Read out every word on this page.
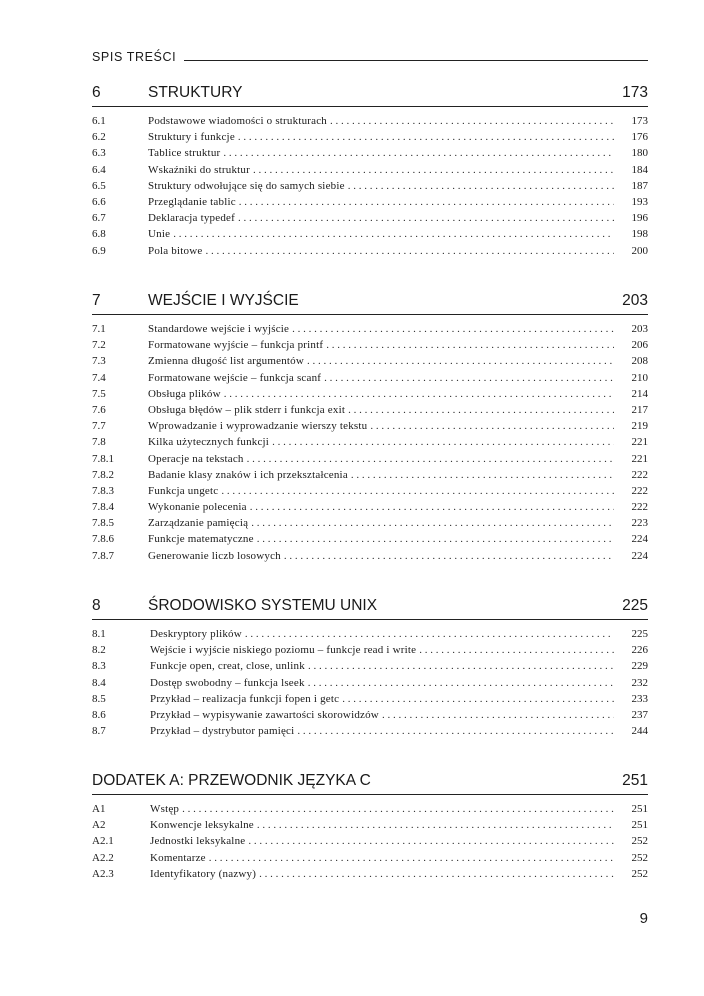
SPIS TREŚCI
6	STRUKTURY	173
6.1	Podstawowe wiadomości o strukturach . . .	173
6.2	Struktury i funkcje . . .	176
6.3	Tablice struktur . . .	180
6.4	Wskaźniki do struktur . . .	184
6.5	Struktury odwołujące się do samych siebie . . .	187
6.6	Przeglądanie tablic . . .	193
6.7	Deklaracja typedef . . .	196
6.8	Unie . . .	198
6.9	Pola bitowe . . .	200
7	WEJŚCIE I WYJŚCIE	203
7.1	Standardowe wejście i wyjście . . .	203
7.2	Formatowane wyjście – funkcja printf . . .	206
7.3	Zmienna długość list argumentów . . .	208
7.4	Formatowane wejście – funkcja scanf . . .	210
7.5	Obsługa plików . . .	214
7.6	Obsługa błędów – plik stderr i funkcja exit . . .	217
7.7	Wprowadzanie i wyprowadzanie wierszy tekstu . . .	219
7.8	Kilka użytecznych funkcji . . .	221
7.8.1	Operacje na tekstach . . .	221
7.8.2	Badanie klasy znaków i ich przekształcenia . . .	222
7.8.3	Funkcja ungetc . . .	222
7.8.4	Wykonanie polecenia . . .	222
7.8.5	Zarządzanie pamięcią . . .	223
7.8.6	Funkcje matematyczne . . .	224
7.8.7	Generowanie liczb losowych . . .	224
8	ŚRODOWISKO SYSTEMU UNIX	225
8.1	Deskryptory plików . . .	225
8.2	Wejście i wyjście niskiego poziomu – funkcje read i write . . .	226
8.3	Funkcje open, creat, close, unlink . . .	229
8.4	Dostęp swobodny – funkcja lseek . . .	232
8.5	Przykład – realizacja funkcji fopen i getc . . .	233
8.6	Przykład – wypisywanie zawartości skorowidzów . . .	237
8.7	Przykład – dystrybutor pamięci . . .	244
DODATEK A: PRZEWODNIK JĘZYKA C	251
A1	Wstęp . . .	251
A2	Konwencje leksykalne . . .	251
A2.1	Jednostki leksykalne . . .	252
A2.2	Komentarze . . .	252
A2.3	Identyfikatory (nazwy) . . .	252
9
